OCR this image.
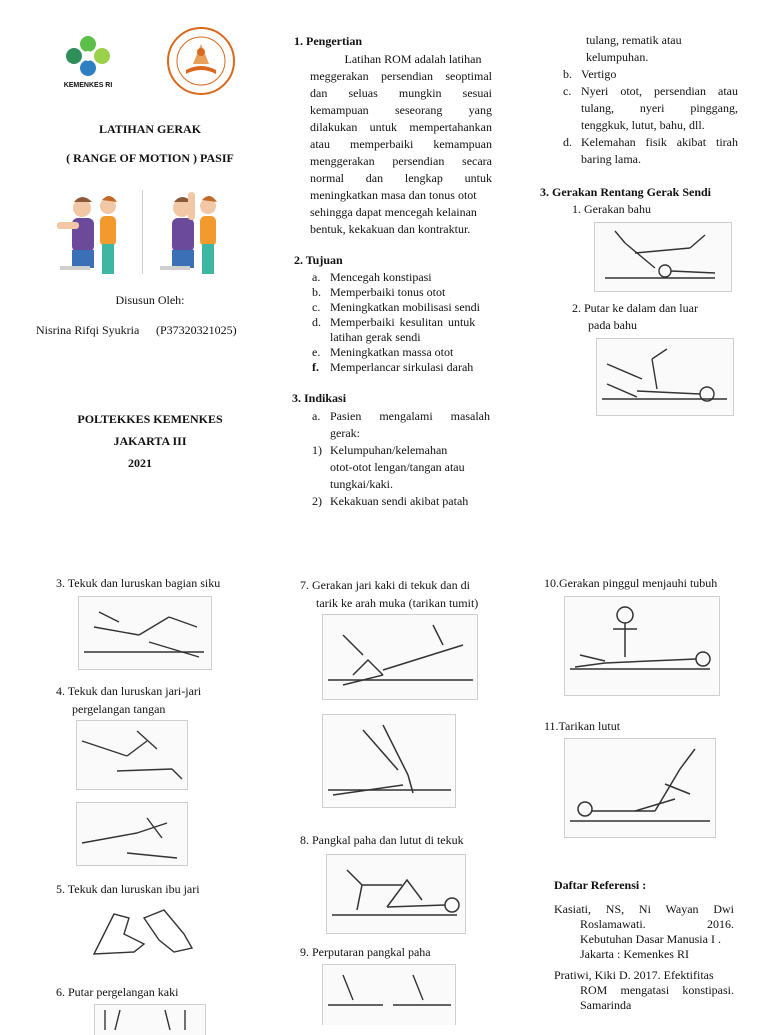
KEMENKES RI
LATIHAN GERAK
( RANGE OF MOTION ) PASIF
Disusun Oleh:
Nisrina Rifqi Syukria (P37320321025)
POLTEKKES KEMENKES
JAKARTA III
2021
1. Pengertian
Latihan ROM adalah latihan
meggerakan persendian seoptimal
dan seluas mungkin sesuai
kemampuan seseorang yang
dilakukan untuk mempertahankan
atau memperbaiki kemampuan
menggerakan persendian secara
normal dan lengkap untuk
meningkatkan masa dan tonus otot
sehingga dapat mencegah kelainan
bentuk, kekakuan dan kontraktur.
2. Tujuan
a. Mencegah konstipasi
b. Memperbaiki tonus otot
c. Meningkatkan mobilisasi sendi
d. Memperbaiki kesulitan untuk
latihan gerak sendi
e. Meningkatkan massa otot
f. Memperlancar sirkulasi darah
3. Indikasi
a. Pasien mengalami masalah
gerak:
1) Kelumpuhan/kelemahan
otot-otot lengan/tangan atau
tungkai/kaki.
2) Kekakuan sendi akibat patah
tulang, rematik atau
kelumpuhan.
b. Vertigo
c. Nyeri otot, persendian atau
tulang, nyeri pinggang,
tenggkuk, lutut, bahu, dll.
d. Kelemahan fisik akibat tirah
baring lama.
3. Gerakan Rentang Gerak Sendi
1. Gerakan bahu
2. Putar ke dalam dan luar
pada bahu
3. Tekuk dan luruskan bagian siku
4. Tekuk dan luruskan jari-jari
pergelangan tangan
5. Tekuk dan luruskan ibu jari
6. Putar pergelangan kaki
7. Gerakan jari kaki di tekuk dan di
tarik ke arah muka (tarikan tumit)
8. Pangkal paha dan lutut di tekuk
9. Perputaran pangkal paha
10.Gerakan pinggul menjauhi tubuh
11.Tarikan lutut
Daftar Referensi :
Kasiati, NS, Ni Wayan Dwi
Roslamawati. 2016.
Kebutuhan Dasar Manusia I .
Jakarta : Kemenkes RI
Pratiwi, Kiki D. 2017. Efektifitas
ROM mengatasi konstipasi.
Samarinda
